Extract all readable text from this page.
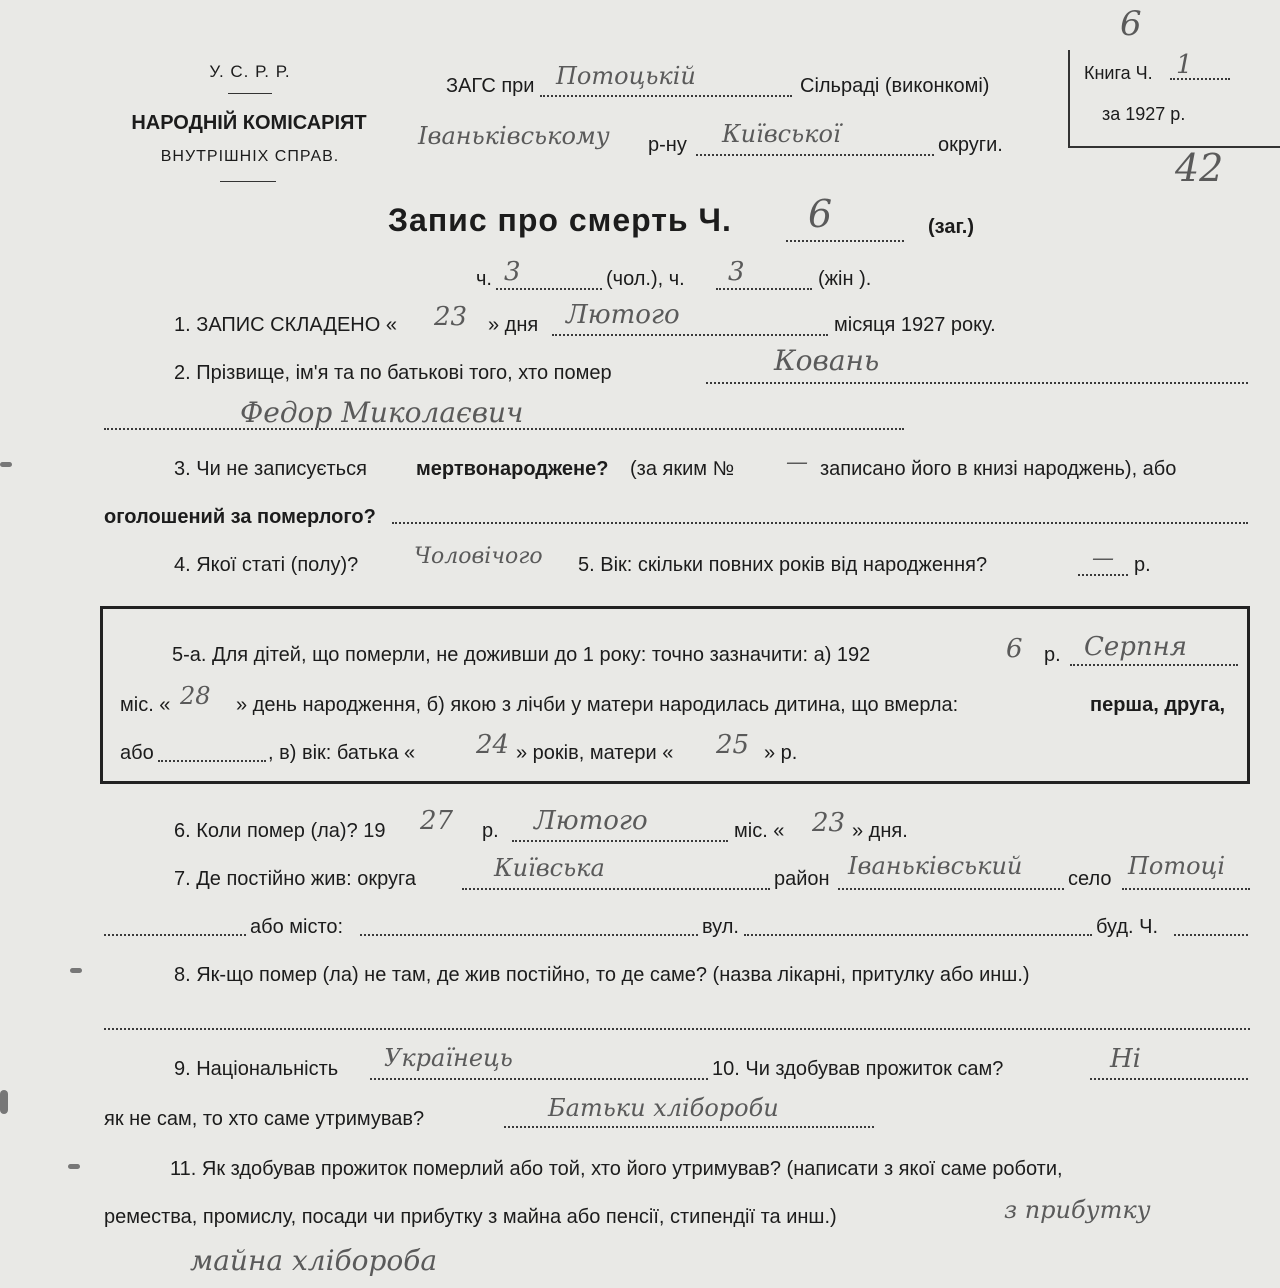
6
42
У. С. Р. Р.
НАРОДНІЙ КОМІСАРІЯТ
ВНУТРІШНІХ СПРАВ.
ЗАГС при Потоцькій	Сільраді (виконкомі)
Іваньківському р-ну Київської	округи.
Книга Ч. 1
за 1927 р.
Запис про смерть Ч. 6	(заг.)
ч. 3	(чол.), ч. 3	(жін ).
1. ЗАПИС СКЛАДЕНО « 23 » дня Лютого	місяця 1927 року.
2. Прізвище, ім'я та по батькові того, хто помер	Ковань
Федор Миколаєвич
3. Чи не записується мертвонароджене? (за яким № — записано його в книзі народжень), або
оголошений за померлого?
4. Якої статі (полу)?	Чоловічого 5. Вік: скільки повних років від народження?	— р.
5-а. Для дітей, що померли, не доживши до 1 року: точно зазначити: а) 192	6 р. Серпня
міс. « 28 » день народження, б) якою з лічби у матери народилась дитина, що вмерла:	перша, друга,
або	, в) вік: батька « 24 » років, матери « 25 » р.
6. Коли помер (ла)? 19 27 р. Лютого	міс. « 23 » дня.
7. Де постійно жив: округа	Київська	район Іваньківський село Потоці
або місто:	вул.	буд. Ч.
8. Як-що помер (ла) не там, де жив постійно, то де саме? (назва лікарні, притулку або инш.)
9. Національність Українець	10. Чи здобував прожиток сам?	Ні
як не сам, то хто саме утримував?	Батьки хлібороби
11. Як здобував прожиток померлий або той, хто його утримував? (написати з якої саме роботи,
ремества, промислу, посади чи прибутку з майна або пенсії, стипендії та инш.)	з прибутку
майна хлібороба
